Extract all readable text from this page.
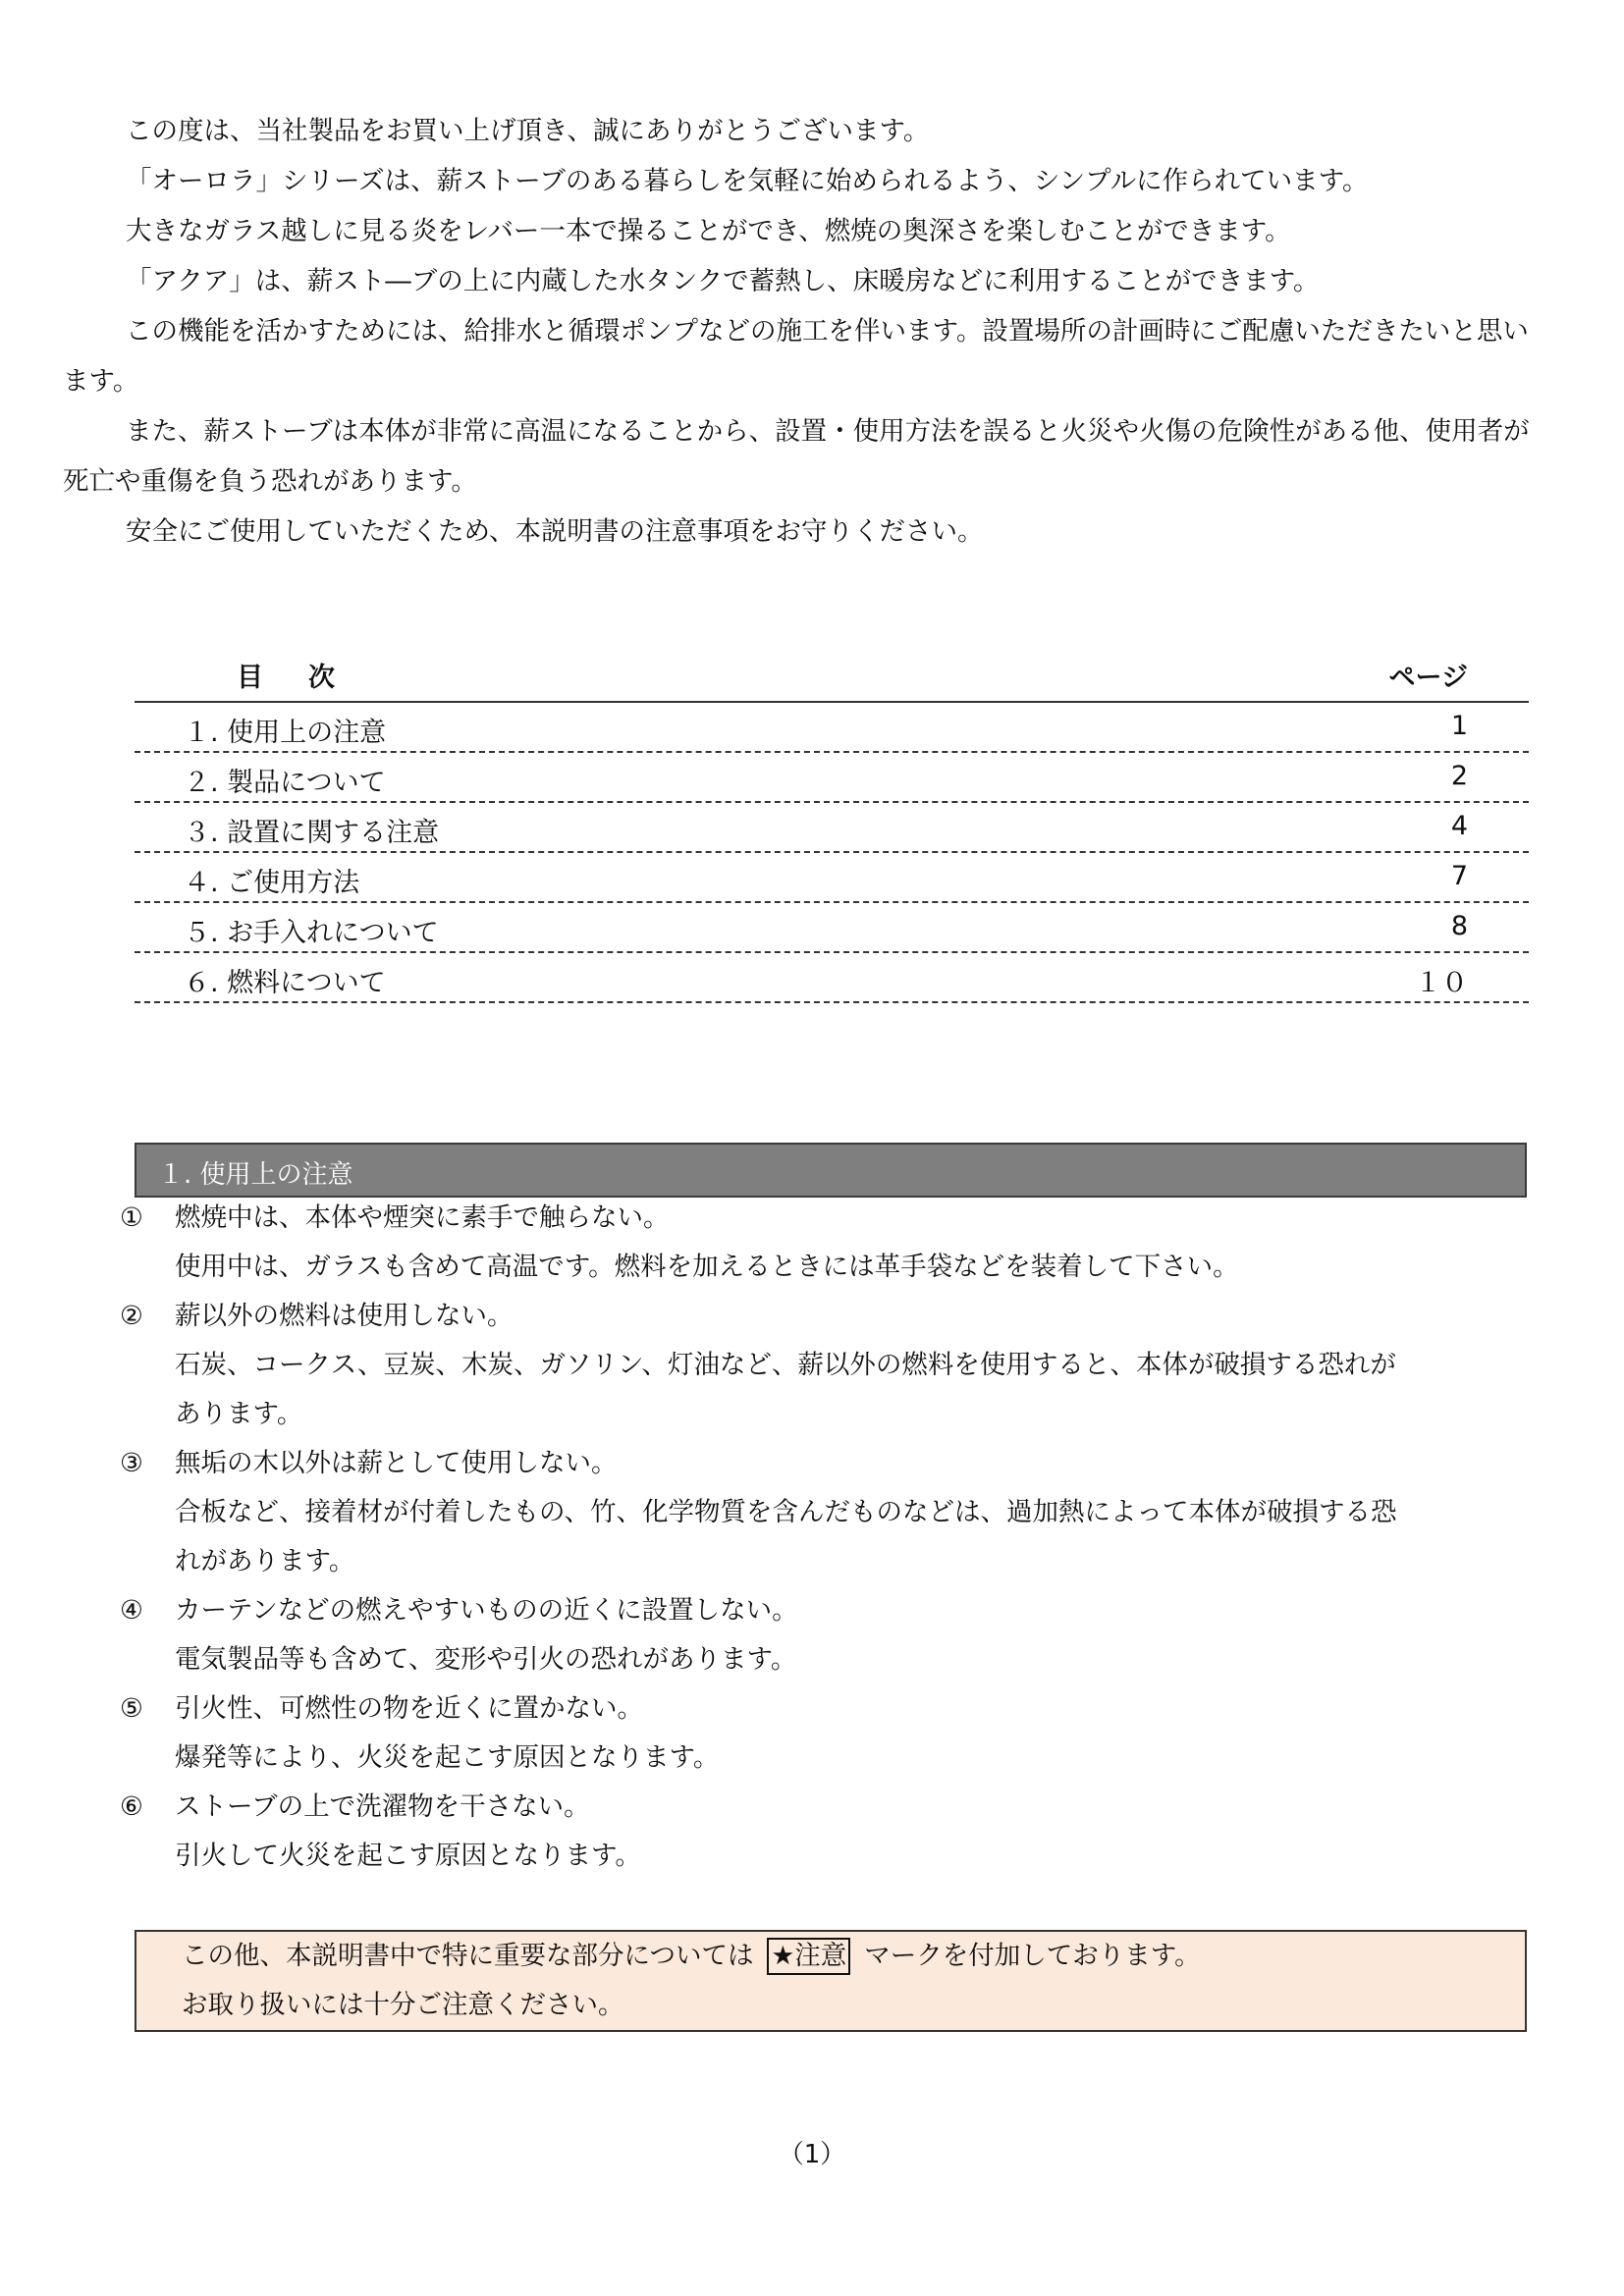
この度は、当社製品をお買い上げ頂き、誠にありがとうございます。

「オーロラ」シリーズは、薪ストーブのある暮らしを気軽に始められるよう、シンプルに作られています。

大きなガラス越しに見る炎をレバー一本で操ることができ、燃焼の奥深さを楽しむことができます。

「アクア」は、薪スト―ブの上に内蔵した水タンクで蓄熱し、床暖房などに利用することができます。

この機能を活かすためには、給排水と循環ポンプなどの施工を伴います。設置場所の計画時にご配慮いただきたいと思います。

また、薪ストーブは本体が非常に高温になることから、設置・使用方法を誤ると火災や火傷の危険性がある他、使用者が死亡や重傷を負う恐れがあります。

安全にご使用していただくため、本説明書の注意事項をお守りください。

目次	ページ
１. 使用上の注意	1
２. 製品について	2
３. 設置に関する注意	4
４. ご使用方法	7
５. お手入れについて	8
６. 燃料について	１０
１. 使用上の注意
①	燃焼中は、本体や煙突に素手で触らない。
使用中は、ガラスも含めて高温です。燃料を加えるときには革手袋などを装着して下さい。
②	薪以外の燃料は使用しない。
石炭、コークス、豆炭、木炭、ガソリン、灯油など、薪以外の燃料を使用すると、本体が破損する恐れが
あります。
③	無垢の木以外は薪として使用しない。
合板など、接着材が付着したもの、竹、化学物質を含んだものなどは、過加熱によって本体が破損する恐
れがあります。
④	カーテンなどの燃えやすいものの近くに設置しない。
電気製品等も含めて、変形や引火の恐れがあります。
⑤	引火性、可燃性の物を近くに置かない。
爆発等により、火災を起こす原因となります。
⑥	ストーブの上で洗濯物を干さない。
引火して火災を起こす原因となります。
この他、本説明書中で特に重要な部分については ★注意 マークを付加しております。
お取り扱いには十分ご注意ください。
（1）
